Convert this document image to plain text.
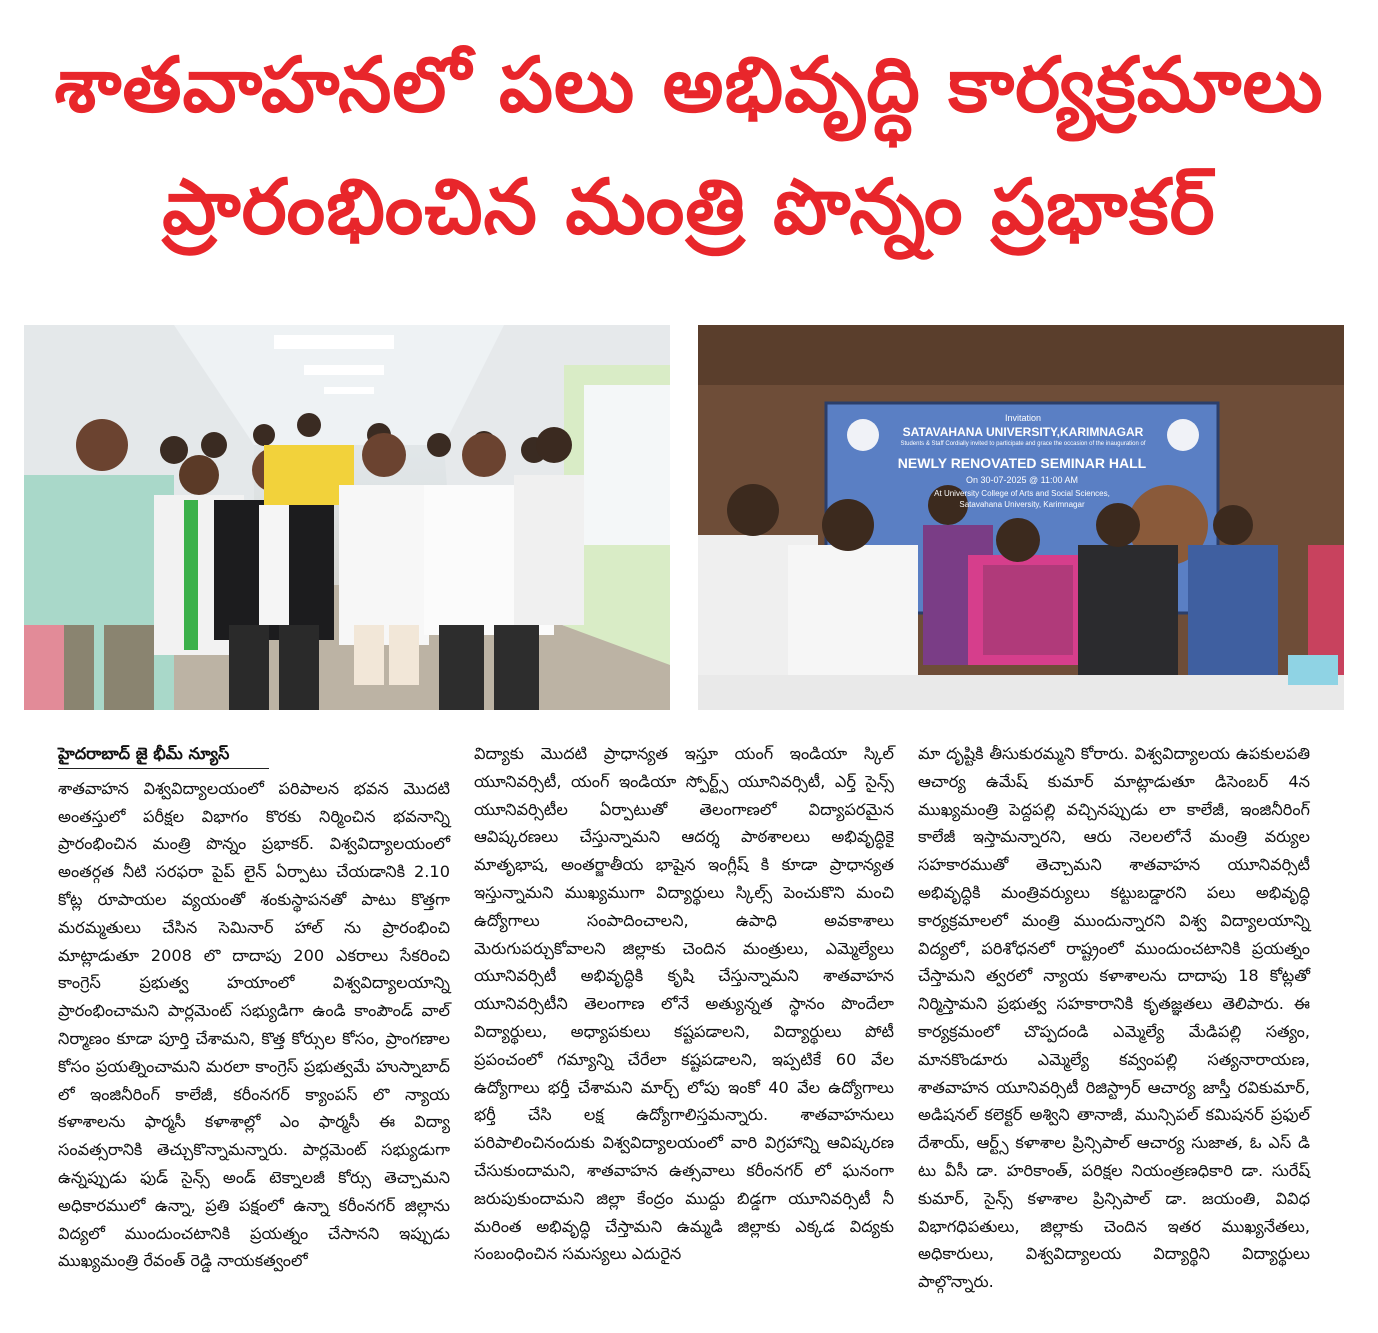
శాతవాహనలో పలు అభివృద్ధి కార్యక్రమాలు
ప్రారంభించిన మంత్రి పొన్నం ప్రభాకర్
Invitation
SATAVAHANA UNIVERSITY,KARIMNAGAR
Students & Staff Cordially invited to participate and grace the occasion of the inauguration of
NEWLY RENOVATED SEMINAR HALL
On 30-07-2025 @ 11:00 AM
At University College of Arts and Social Sciences,
Satavahana University, Karimnagar
హైదరాబాద్ జై భీమ్ న్యూస్
శాతవాహన విశ్వవిద్యాలయంలో పరిపాలన భవన మొదటి అంతస్తులో పరీక్షల విభాగం కొరకు నిర్మించిన భవనాన్ని ప్రారంభించిన మంత్రి పొన్నం ప్రభాకర్. విశ్వవిద్యాలయంలో అంతర్గత నీటి సరఫరా పైప్ లైన్ ఏర్పాటు చేయడానికి 2.10 కోట్ల రూపాయల వ్యయంతో శంకుస్థాపనతో పాటు కొత్తగా మరమ్మతులు చేసిన సెమినార్ హాల్ ను ప్రారంభించి మాట్లాడుతూ 2008 లొ దాదాపు 200 ఎకరాలు సేకరించి కాంగ్రెస్ ప్రభుత్వ హయాంలో విశ్వవిద్యాలయాన్ని ప్రారంభించామని పార్లమెంట్ సభ్యుడిగా ఉండి కాంపౌండ్ వాల్ నిర్మాణం కూడా పూర్తి చేశామని, కొత్త కోర్సుల కోసం, ప్రాంగణాల కోసం ప్రయత్నించామని మరలా కాంగ్రెస్ ప్రభుత్వమే హుస్నాబాద్ లో ఇంజినీరింగ్ కాలేజీ, కరీంనగర్ క్యాంపస్ లొ న్యాయ కళాశాలను ఫార్మసీ కళాశాల్లో ఎం ఫార్మసీ ఈ విద్యా సంవత్సరానికి తెచ్చుకొన్నామన్నారు. పార్లమెంట్ సభ్యుడుగా ఉన్నప్పుడు ఫుడ్ సైన్స్ అండ్ టెక్నాలజీ కోర్సు తెచ్చామని అధికారములో ఉన్నా, ప్రతి పక్షంలో ఉన్నా కరీంనగర్ జిల్లాను విద్యలో ముందుంచటానికి ప్రయత్నం చేసానని ఇప్పుడు ముఖ్యమంత్రి రేవంత్ రెడ్డి నాయకత్వంలో
విద్యాకు మొదటి ప్రాధాన్యత ఇస్తూ యంగ్ ఇండియా స్కిల్ యూనివర్సిటీ, యంగ్ ఇండియా స్పోర్ట్స్ యూనివర్సిటీ, ఎర్త్ సైన్స్ యూనివర్సిటీల ఏర్పాటుతో తెలంగాణలో విద్యాపరమైన ఆవిష్కరణలు చేస్తున్నామని ఆదర్శ పాఠశాలలు అభివృద్ధికై మాతృభాష, అంతర్జాతీయ భాషైన ఇంగ్లీష్ కి కూడా ప్రాధాన్యత ఇస్తున్నామని ముఖ్యముగా విద్యార్థులు స్కిల్స్ పెంచుకొని మంచి ఉద్యోగాలు సంపాదించాలని, ఉపాధి అవకాశాలు మెరుగుపర్చుకోవాలని జిల్లాకు చెందిన మంత్రులు, ఎమ్మెల్యేలు యూనివర్సిటీ అభివృద్ధికి కృషి చేస్తున్నామని శాతవాహన యూనివర్సిటీని తెలంగాణ లోనే అత్యున్నత స్థానం పొందేలా విద్యార్థులు, అధ్యాపకులు కష్టపడాలని, విద్యార్థులు పోటీ ప్రపంచంలో గమ్యాన్ని చేరేలా కష్టపడాలని, ఇప్పటికే 60 వేల ఉద్యోగాలు భర్తీ చేశామని మార్చ్ లోపు ఇంకో 40 వేల ఉద్యోగాలు భర్తీ చేసి లక్ష ఉద్యోగాలిస్తమన్నారు. శాతవాహనులు పరిపాలించినందుకు విశ్వవిద్యాలయంలో వారి విగ్రహాన్ని ఆవిష్కరణ చేసుకుందామని, శాతవాహన ఉత్సవాలు కరీంనగర్ లో ఘనంగా జరుపుకుందామని జిల్లా కేంద్రం ముద్దు బిడ్డగా యూనివర్సిటీ నీ మరింత అభివృద్ధి చేస్తామని ఉమ్మడి జిల్లాకు ఎక్కడ విద్యకు సంబంధించిన సమస్యలు ఎదురైన
మా దృష్టికి తీసుకురమ్మని కోరారు. విశ్వవిద్యాలయ ఉపకులపతి ఆచార్య ఉమేష్ కుమార్ మాట్లాడుతూ డిసెంబర్ 4న ముఖ్యమంత్రి పెద్దపల్లి వచ్చినప్పుడు లా కాలేజీ, ఇంజినీరింగ్ కాలేజీ ఇస్తామన్నారని, ఆరు నెలలలోనే మంత్రి వర్యుల సహకారముతో తెచ్చామని శాతవాహన యూనివర్సిటీ అభివృద్ధికి మంత్రివర్యులు కట్టుబడ్డారని పలు అభివృద్ధి కార్యక్రమాలలో మంత్రి ముందున్నారని విశ్వ విద్యాలయాన్ని విద్యలో, పరిశోధనలో రాష్ట్రంలో ముందుంచటానికి ప్రయత్నం చేస్తామని త్వరలో న్యాయ కళాశాలను దాదాపు 18 కోట్లతో నిర్మిస్తామని ప్రభుత్వ సహకారానికి కృతజ్ఞతలు తెలిపారు. ఈ కార్యక్రమంలో చొప్పదండి ఎమ్మెల్యే మేడిపల్లి సత్యం, మానకొండూరు ఎమ్మెల్యే కవ్వంపల్లి సత్యనారాయణ, శాతవాహన యూనివర్సిటీ రిజిస్ట్రార్ ఆచార్య జాస్తీ రవికుమార్, అడిషనల్ కలెక్టర్ అశ్విని తానాజీ, మున్సిపల్ కమిషనర్ ప్రఫుల్ దేశాయ్, ఆర్ట్స్ కళాశాల ప్రిన్సిపాల్ ఆచార్య సుజాత, ఓ ఎస్ డి టు వీసీ డా. హరికాంత్, పరిక్షల నియంత్రణధికారి డా. సురేష్ కుమార్, సైన్స్ కళాశాల ప్రిన్సిపాల్ డా. జయంతి, వివిధ విభాగధిపతులు, జిల్లాకు చెందిన ఇతర ముఖ్యనేతలు, అధికారులు, విశ్వవిద్యాలయ విద్యార్థిని విద్యార్థులు పాల్గొన్నారు.
